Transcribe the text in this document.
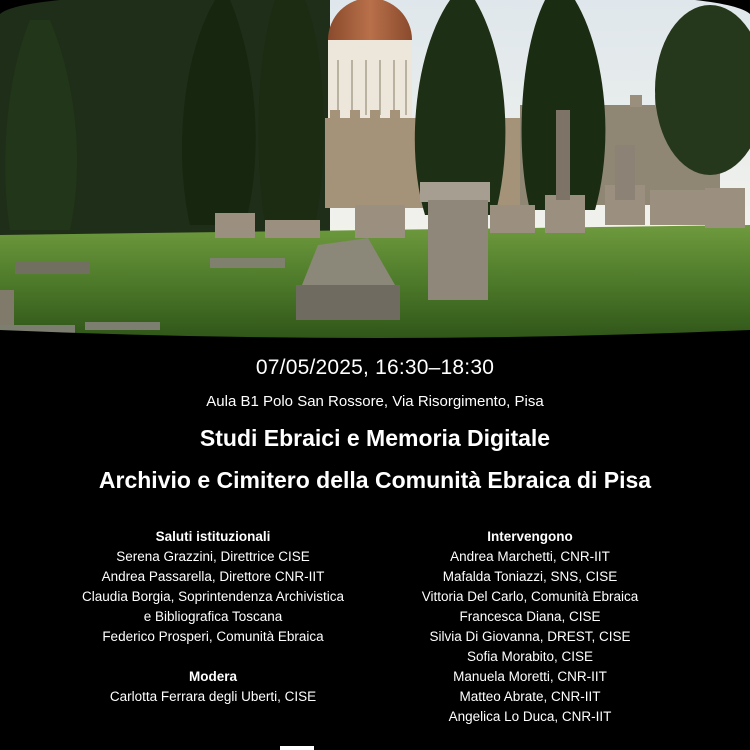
07/05/2025, 16:30–18:30
Aula B1 Polo San Rossore, Via Risorgimento, Pisa
Studi Ebraici e Memoria Digitale
Archivio e Cimitero della Comunità Ebraica di Pisa
Saluti istituzionali
Serena Grazzini, Direttrice CISE
Andrea Passarella, Direttore CNR-IIT
Claudia Borgia, Soprintendenza Archivistica
e Bibliografica Toscana
Federico Prosperi, Comunità Ebraica
Modera
Carlotta Ferrara degli Uberti, CISE
Intervengono
Andrea Marchetti, CNR-IIT
Mafalda Toniazzi, SNS, CISE
Vittoria Del Carlo, Comunità Ebraica
Francesca Diana, CISE
Silvia Di Giovanna, DREST, CISE
Sofia Morabito, CISE
Manuela Moretti, CNR-IIT
Matteo Abrate, CNR-IIT
Angelica Lo Duca, CNR-IIT
